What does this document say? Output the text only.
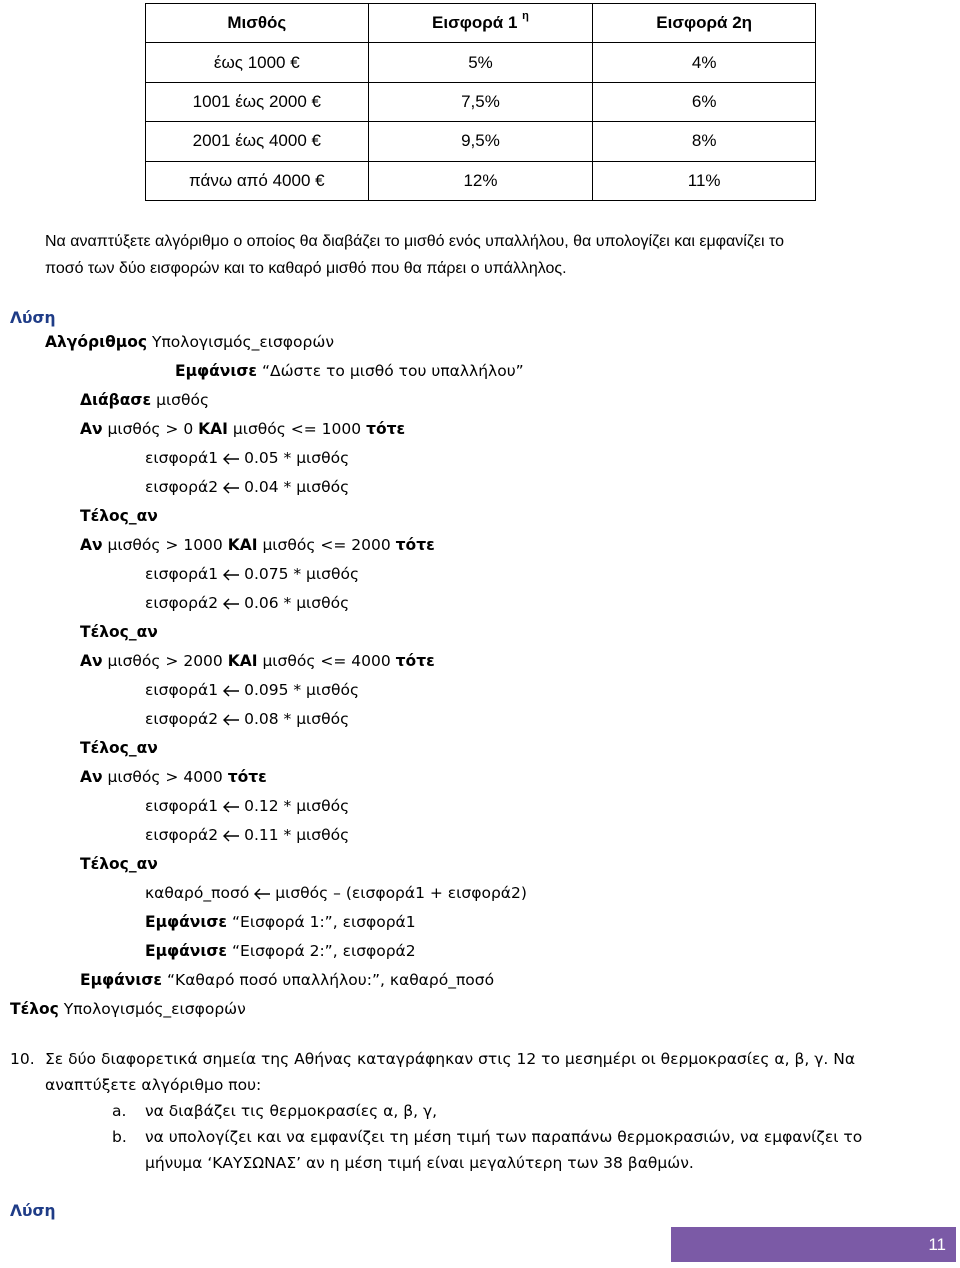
Μισθός	Εισφορά 1 $^\eta$	Εισφορά 2η
έως 1000 €	5%	4%
1001 έως 2000 €	7,5%	6%
2001 έως 4000 €	9,5%	8%
πάνω από 4000 €	12%	11%

Να αναπτύξετε αλγόριθμο ο οποίος θα διαβάζει το μισθό ενός υπαλλήλου, θα υπολογίζει και εμφανίζει το

ποσό των δύο εισφορών και το καθαρό μισθό που θα πάρει ο υπάλληλος.

Λύση
Αλγόριθμος Υπολογισμός_εισφορών
Εμφάνισε “Δώστε το μισθό του υπαλλήλου”
Διάβασε μισθός
Αν μισθός > 0 ΚΑΙ μισθός <= 1000 τότε
εισφορά1 0.05 * μισθός
εισφορά2 0.04 * μισθός
Τέλος_αν
Αν μισθός > 1000 ΚΑΙ μισθός <= 2000 τότε
εισφορά1 0.075 * μισθός
εισφορά2 0.06 * μισθός
Τέλος_αν
Αν μισθός > 2000 ΚΑΙ μισθός <= 4000 τότε
εισφορά1 0.095 * μισθός
εισφορά2 0.08 * μισθός
Τέλος_αν
Αν μισθός > 4000 τότε
εισφορά1 0.12 * μισθός
εισφορά2 0.11 * μισθός
Τέλος_αν
καθαρό_ποσό μισθός – (εισφορά1 + εισφορά2)
Εμφάνισε “Εισφορά 1:”, εισφορά1
Εμφάνισε “Εισφορά 2:”, εισφορά2
Εμφάνισε “Καθαρό ποσό υπαλλήλου:”, καθαρό_ποσό
Τέλος Υπολογισμός_εισφορών
10. Σε δύο διαφορετικά σημεία της Αθήνας καταγράφηκαν στις 12 το μεσημέρι οι θερμοκρασίες α, β, γ. Να
αναπτύξετε αλγόριθμο που:
a. να διαβάζει τις θερμοκρασίες α, β, γ,
b. να υπολογίζει και να εμφανίζει τη μέση τιμή των παραπάνω θερμοκρασιών, να εμφανίζει το
μήνυμα ‘ΚΑΥΣΩΝΑΣ’ αν η μέση τιμή είναι μεγαλύτερη των 38 βαθμών.
Λύση
11
